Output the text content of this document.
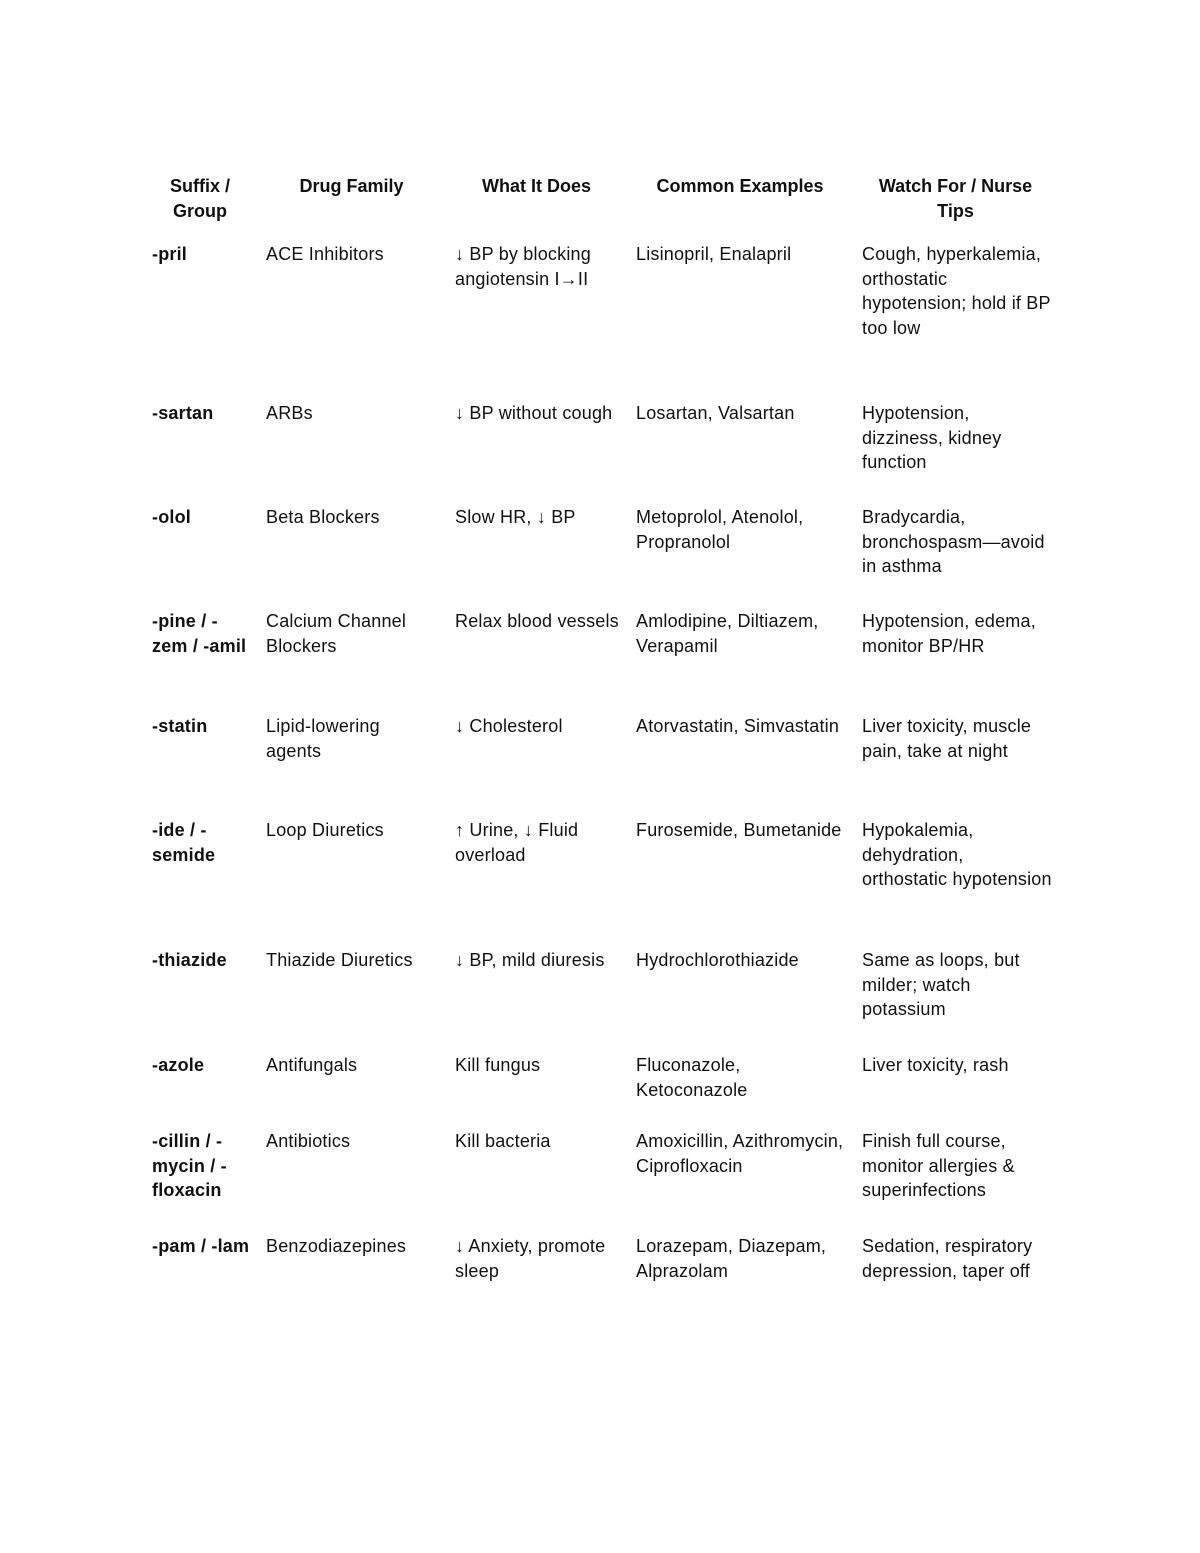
Suffix / Group	Drug Family	What It Does	Common Examples	Watch For / Nurse Tips
-pril	ACE Inhibitors	↓ BP by blocking angiotensin I→II	Lisinopril, Enalapril	Cough, hyperkalemia, orthostatic hypotension; hold if BP too low
-sartan	ARBs	↓ BP without cough	Losartan, Valsartan	Hypotension, dizziness, kidney function
-olol	Beta Blockers	Slow HR, ↓ BP	Metoprolol, Atenolol, Propranolol	Bradycardia, bronchospasm—avoid in asthma
-pine / -zem / -amil	Calcium Channel Blockers	Relax blood vessels	Amlodipine, Diltiazem, Verapamil	Hypotension, edema, monitor BP/HR
-statin	Lipid-lowering agents	↓ Cholesterol	Atorvastatin, Simvastatin	Liver toxicity, muscle pain, take at night
-ide / -semide	Loop Diuretics	↑ Urine, ↓ Fluid overload	Furosemide, Bumetanide	Hypokalemia, dehydration, orthostatic hypotension
-thiazide	Thiazide Diuretics	↓ BP, mild diuresis	Hydrochlorothiazide	Same as loops, but milder; watch potassium
-azole	Antifungals	Kill fungus	Fluconazole, Ketoconazole	Liver toxicity, rash
-cillin / -mycin / -floxacin	Antibiotics	Kill bacteria	Amoxicillin, Azithromycin, Ciprofloxacin	Finish full course, monitor allergies & superinfections
-pam / -lam	Benzodiazepines	↓ Anxiety, promote sleep	Lorazepam, Diazepam, Alprazolam	Sedation, respiratory depression, taper off
